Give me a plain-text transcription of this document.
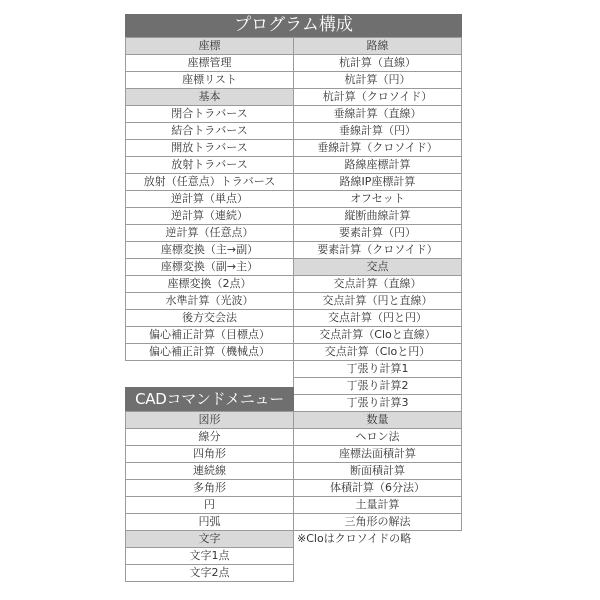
プログラム構成
座標
座標管理
座標リスト
基本
閉合トラバース
結合トラバース
開放トラバース
放射トラバース
放射（任意点）トラバース
逆計算（単点）
逆計算（連続）
逆計算（任意点）
座標変換（主→副）
座標変換（副→主）
座標変換（2点）
水準計算（光波）
後方交会法
偏心補正計算（目標点）
偏心補正計算（機械点）
路線
杭計算（直線）
杭計算（円）
杭計算（クロソイド）
垂線計算（直線）
垂線計算（円）
垂線計算（クロソイド）
路線座標計算
路線IP座標計算
オフセット
縦断曲線計算
要素計算（円）
要素計算（クロソイド）
交点
交点計算（直線）
交点計算（円と直線）
交点計算（円と円）
交点計算（Cloと直線）
交点計算（Cloと円）
丁張り計算1
丁張り計算2
丁張り計算3
CADコマンドメニュー
図形
線分
四角形
連続線
多角形
円
円弧
文字
文字1点
文字2点
数量
ヘロン法
座標法面積計算
断面積計算
体積計算（6分法）
土量計算
三角形の解法
※Cloはクロソイドの略
